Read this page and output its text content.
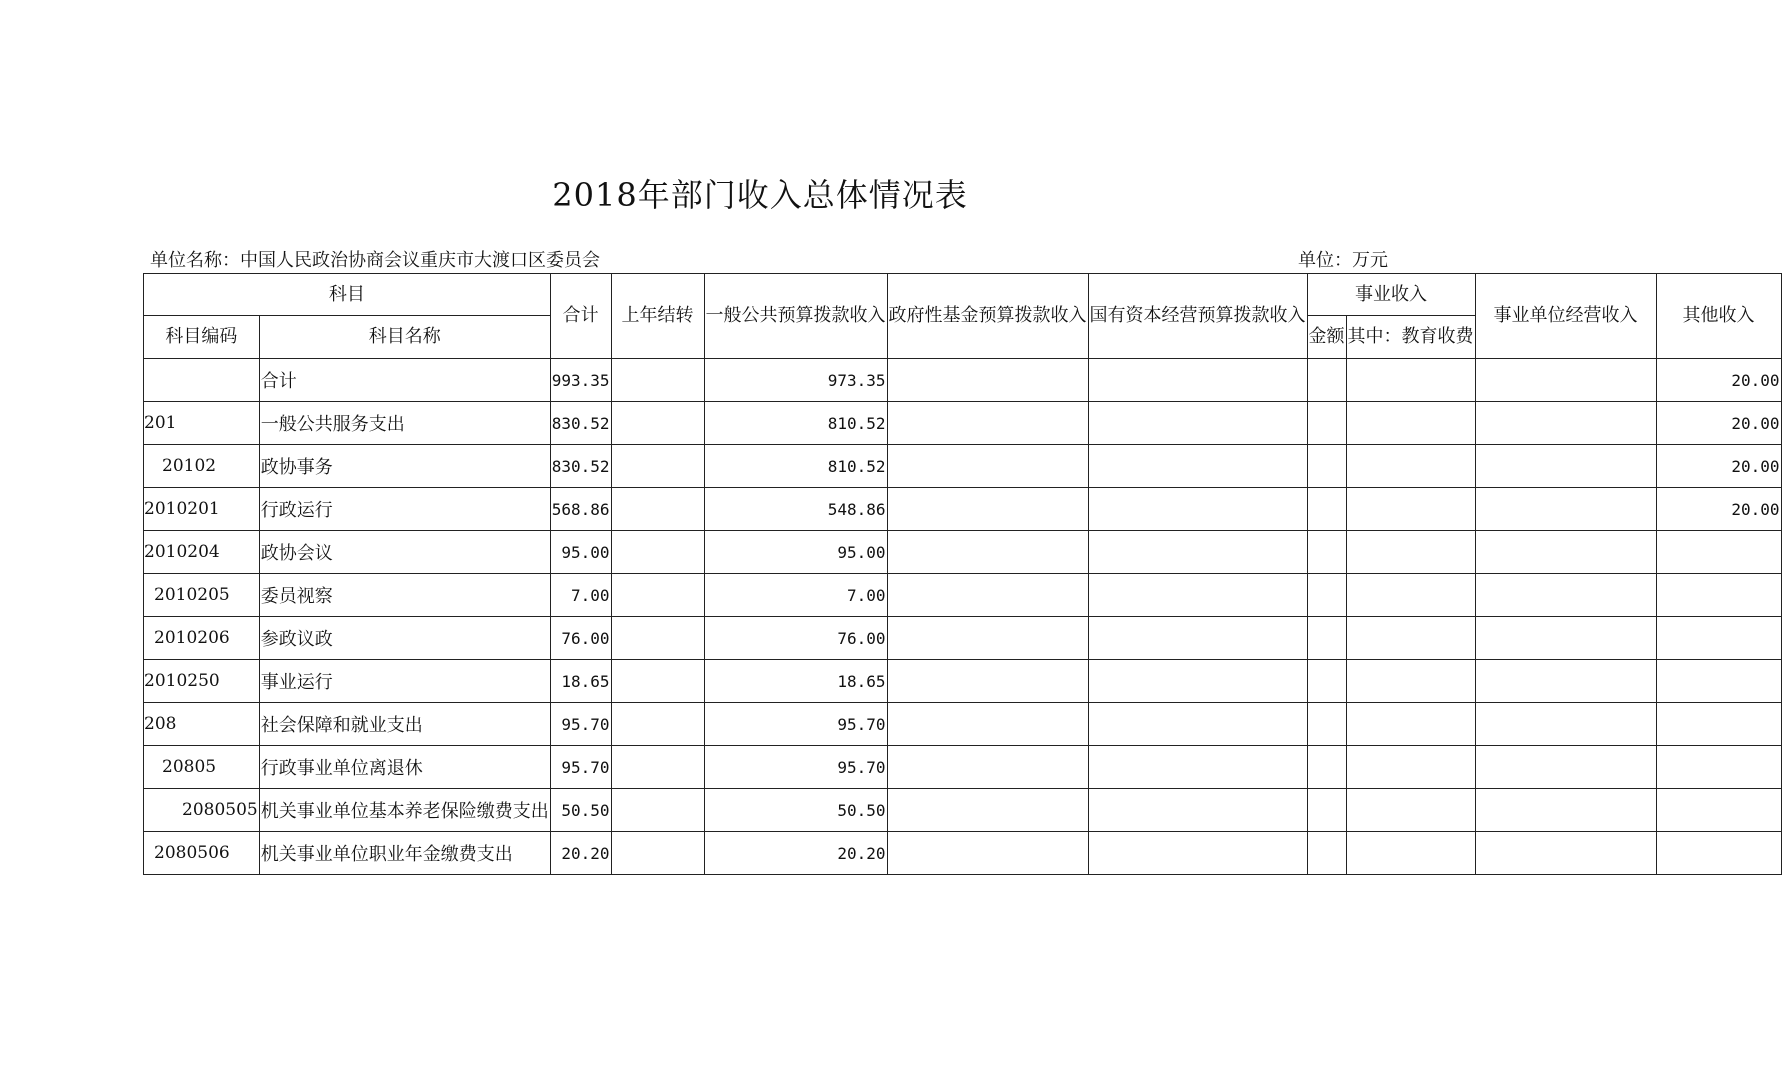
2018年部门收入总体情况表
单位名称：中国人民政治协商会议重庆市大渡口区委员会	单位：万元
科目		合计	上年结转	一般公共预算拨款收入	政府性基金预算拨款收入	国有资本经营预算拨款收入	事业收入		事业单位经营收入	其他收入
科目编码	科目名称						金额	其中：教育收费		
	合计	993.35		973.35						20.00
201	一般公共服务支出	830.52		810.52						20.00
20102	政协事务	830.52		810.52						20.00
2010201	行政运行	568.86		548.86						20.00
2010204	政协会议	95.00		95.00						
2010205	委员视察	7.00		7.00						
2010206	参政议政	76.00		76.00						
2010250	事业运行	18.65		18.65						
208	社会保障和就业支出	95.70		95.70						
20805	行政事业单位离退休	95.70		95.70						
2080505	机关事业单位基本养老保险缴费支出	50.50		50.50						
2080506	机关事业单位职业年金缴费支出	20.20		20.20						
